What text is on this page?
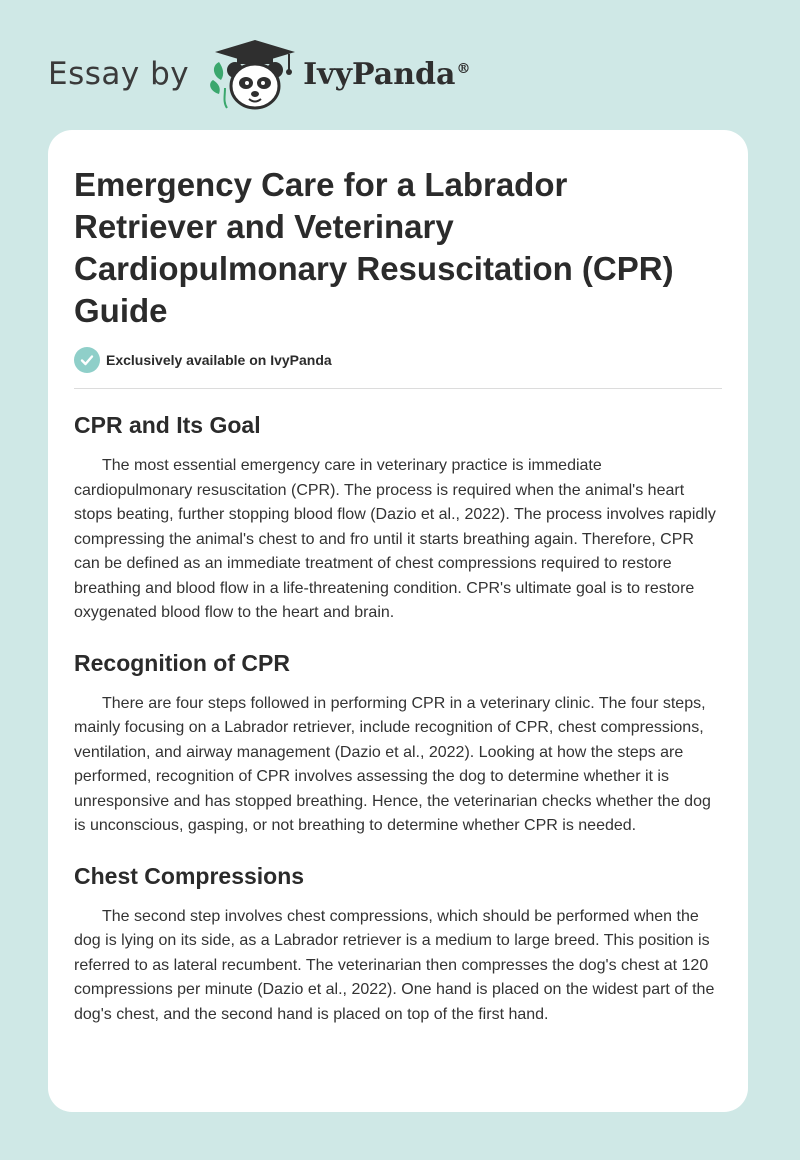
Essay by	IvyPanda®
Emergency Care for a Labrador Retriever and Veterinary Cardiopulmonary Resuscitation (CPR) Guide
Exclusively available on IvyPanda
CPR and Its Goal

The most essential emergency care in veterinary practice is immediate cardiopulmonary resuscitation (CPR). The process is required when the animal's heart stops beating, further stopping blood flow (Dazio et al., 2022). The process involves rapidly compressing the animal's chest to and fro until it starts breathing again. Therefore, CPR can be defined as an immediate treatment of chest compressions required to restore breathing and blood flow in a life-threatening condition. CPR's ultimate goal is to restore oxygenated blood flow to the heart and brain.

Recognition of CPR

There are four steps followed in performing CPR in a veterinary clinic. The four steps, mainly focusing on a Labrador retriever, include recognition of CPR, chest compressions, ventilation, and airway management (Dazio et al., 2022). Looking at how the steps are performed, recognition of CPR involves assessing the dog to determine whether it is unresponsive and has stopped breathing. Hence, the veterinarian checks whether the dog is unconscious, gasping, or not breathing to determine whether CPR is needed.

Chest Compressions

The second step involves chest compressions, which should be performed when the dog is lying on its side, as a Labrador retriever is a medium to large breed. This position is referred to as lateral recumbent. The veterinarian then compresses the dog's chest at 120 compressions per minute (Dazio et al., 2022). One hand is placed on the widest part of the dog's chest, and the second hand is placed on top of the first hand.
